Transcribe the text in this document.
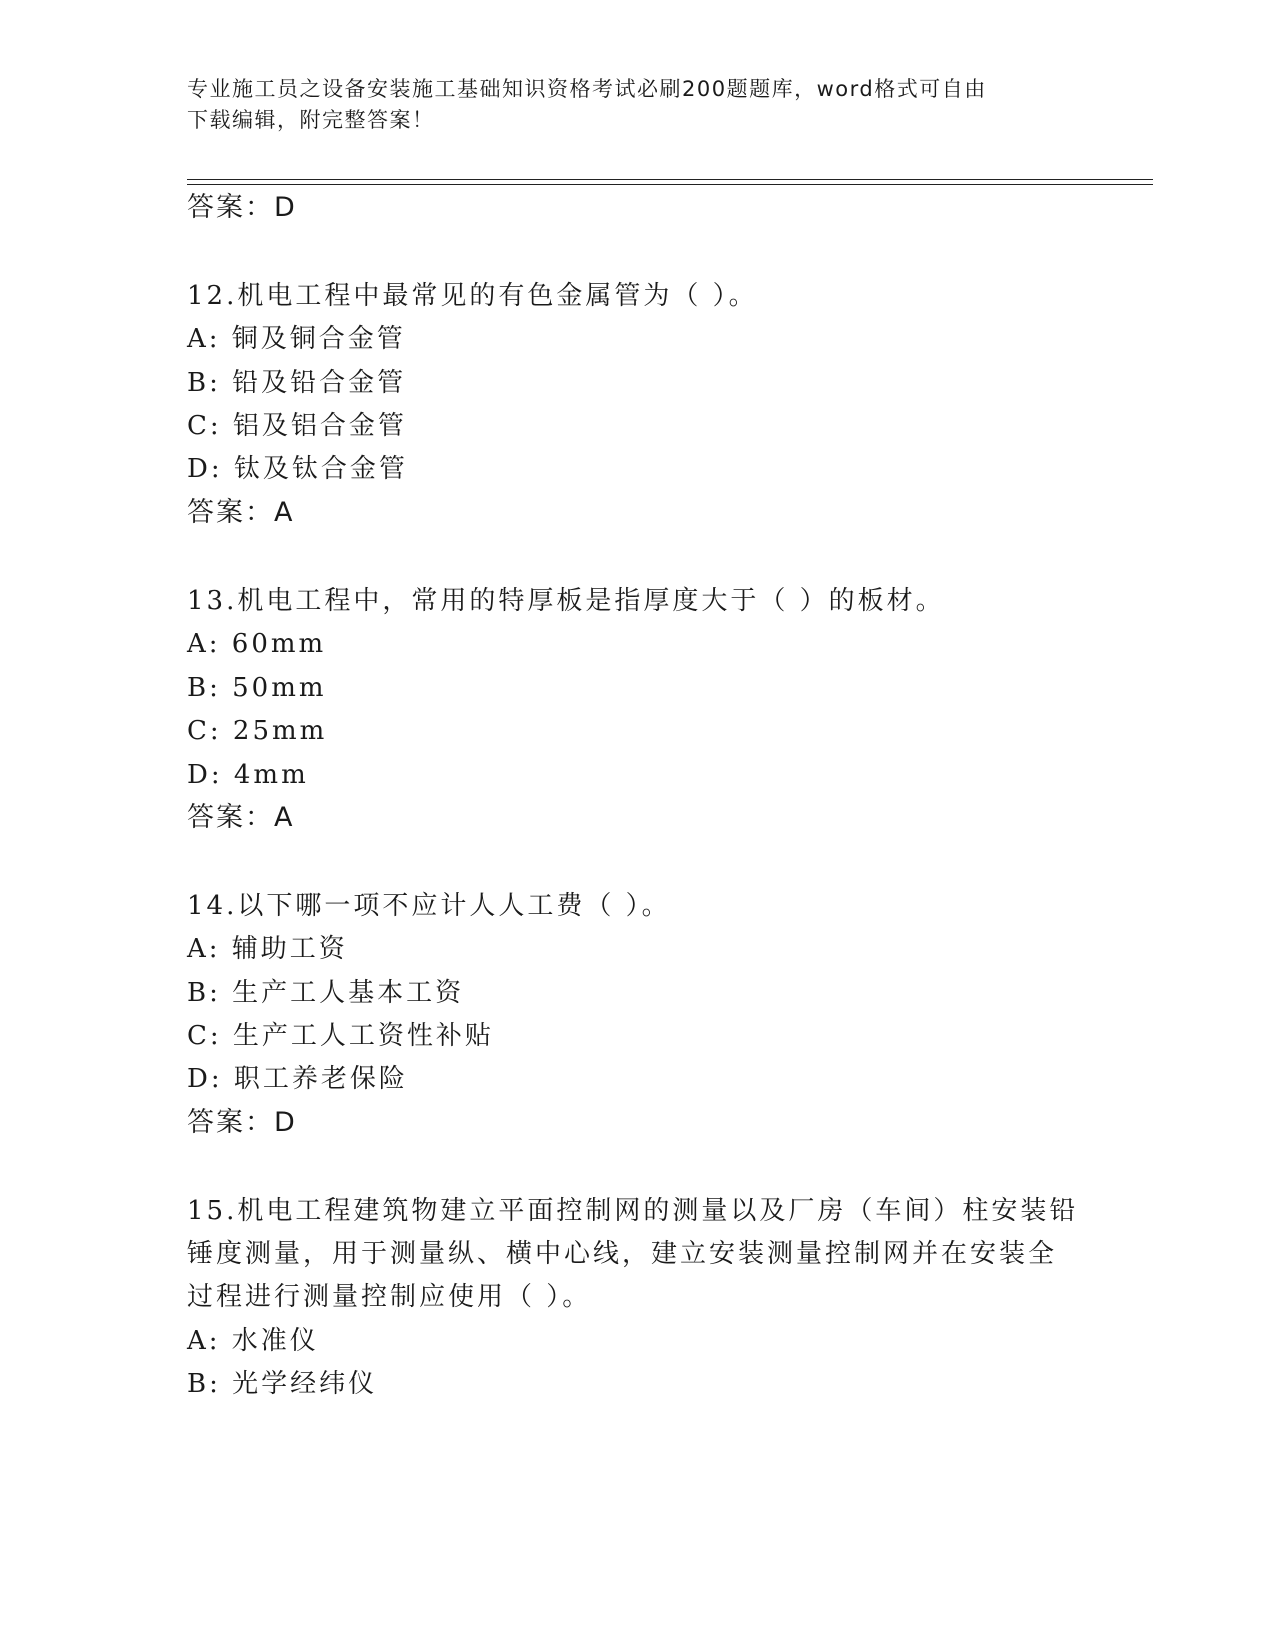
专业施工员之设备安装施工基础知识资格考试必刷200题题库，word格式可自由
下载编辑，附完整答案！
答案：D
12.机电工程中最常见的有色金属管为（ ）。
A: 铜及铜合金管
B: 铅及铅合金管
C: 铝及铝合金管
D: 钛及钛合金管
答案：A
13.机电工程中，常用的特厚板是指厚度大于（ ）的板材。
A: 60mm
B: 50mm
C: 25mm
D: 4mm
答案：A
14.以下哪一项不应计人人工费（ ）。
A: 辅助工资
B: 生产工人基本工资
C: 生产工人工资性补贴
D: 职工养老保险
答案：D
15.机电工程建筑物建立平面控制网的测量以及厂房（车间）柱安装铅
锤度测量，用于测量纵、横中心线，建立安装测量控制网并在安装全
过程进行测量控制应使用（ ）。
A: 水准仪
B: 光学经纬仪
